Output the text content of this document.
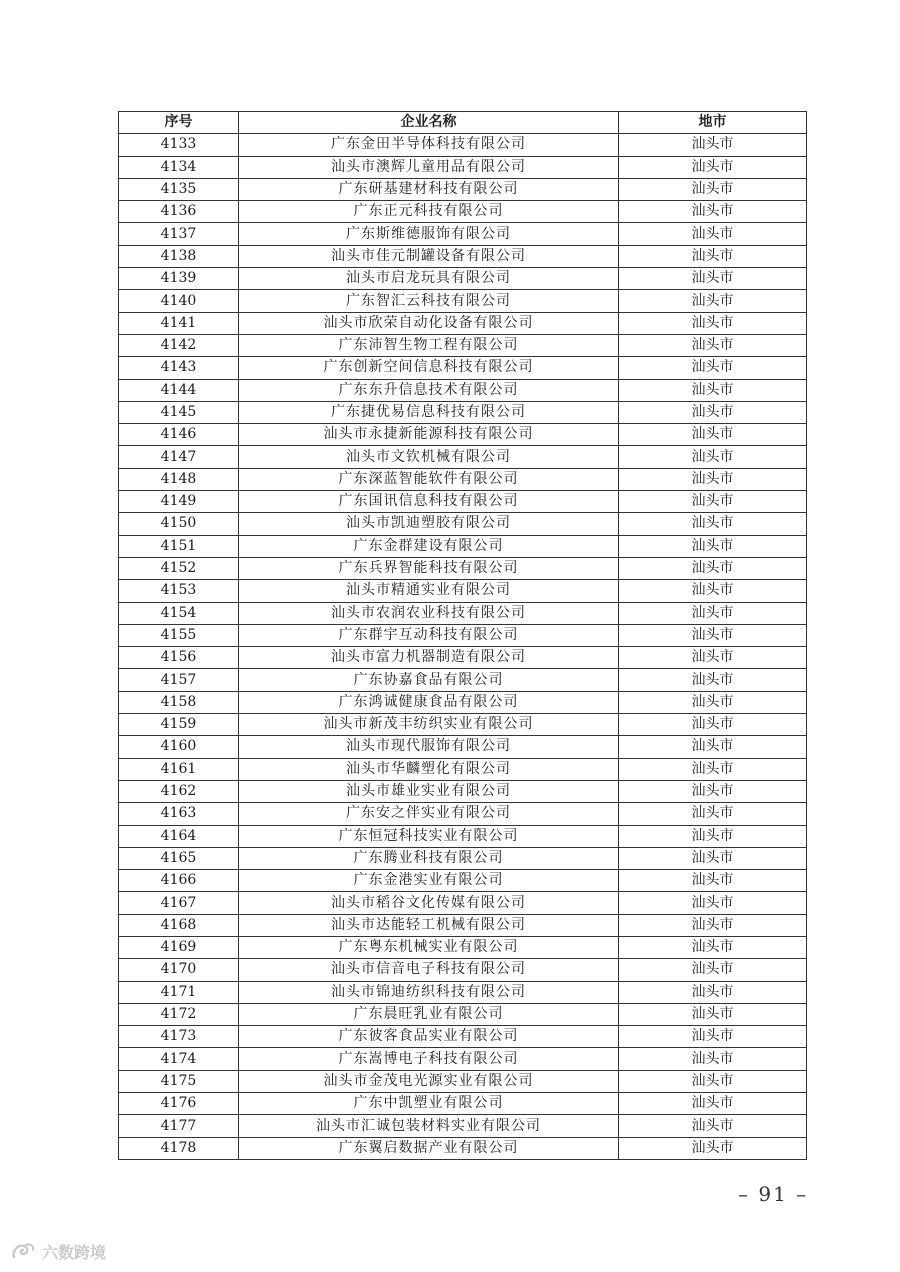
序号	企业名称	地市
4133	广东金田半导体科技有限公司	汕头市
4134	汕头市澳辉儿童用品有限公司	汕头市
4135	广东研基建材科技有限公司	汕头市
4136	广东正元科技有限公司	汕头市
4137	广东斯维德服饰有限公司	汕头市
4138	汕头市佳元制罐设备有限公司	汕头市
4139	汕头市启龙玩具有限公司	汕头市
4140	广东智汇云科技有限公司	汕头市
4141	汕头市欣荣自动化设备有限公司	汕头市
4142	广东沛智生物工程有限公司	汕头市
4143	广东创新空间信息科技有限公司	汕头市
4144	广东东升信息技术有限公司	汕头市
4145	广东捷优易信息科技有限公司	汕头市
4146	汕头市永捷新能源科技有限公司	汕头市
4147	汕头市文钦机械有限公司	汕头市
4148	广东深蓝智能软件有限公司	汕头市
4149	广东国讯信息科技有限公司	汕头市
4150	汕头市凯迪塑胶有限公司	汕头市
4151	广东金群建设有限公司	汕头市
4152	广东兵界智能科技有限公司	汕头市
4153	汕头市精通实业有限公司	汕头市
4154	汕头市农润农业科技有限公司	汕头市
4155	广东群宇互动科技有限公司	汕头市
4156	汕头市富力机器制造有限公司	汕头市
4157	广东协嘉食品有限公司	汕头市
4158	广东鸿诚健康食品有限公司	汕头市
4159	汕头市新茂丰纺织实业有限公司	汕头市
4160	汕头市现代服饰有限公司	汕头市
4161	汕头市华麟塑化有限公司	汕头市
4162	汕头市雄业实业有限公司	汕头市
4163	广东安之伴实业有限公司	汕头市
4164	广东恒冠科技实业有限公司	汕头市
4165	广东腾业科技有限公司	汕头市
4166	广东金港实业有限公司	汕头市
4167	汕头市稻谷文化传媒有限公司	汕头市
4168	汕头市达能轻工机械有限公司	汕头市
4169	广东粤东机械实业有限公司	汕头市
4170	汕头市信音电子科技有限公司	汕头市
4171	汕头市锦迪纺织科技有限公司	汕头市
4172	广东晨旺乳业有限公司	汕头市
4173	广东彼客食品实业有限公司	汕头市
4174	广东嵩博电子科技有限公司	汕头市
4175	汕头市金茂电光源实业有限公司	汕头市
4176	广东中凯塑业有限公司	汕头市
4177	汕头市汇诚包装材料实业有限公司	汕头市
4178	广东翼启数据产业有限公司	汕头市
– 91 –
六数跨境
